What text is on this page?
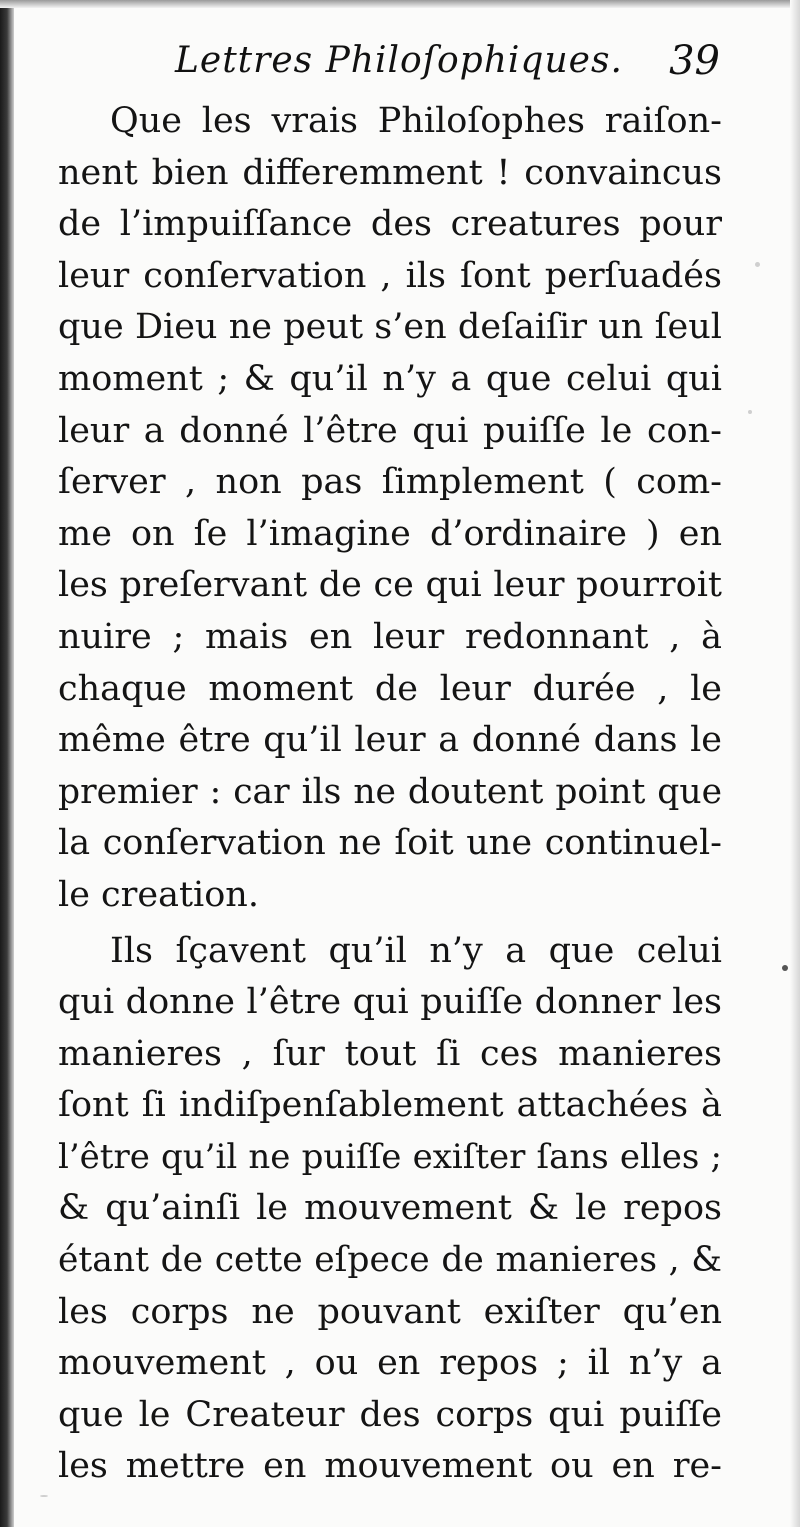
Lettres Philoſophiques. 39
Que les vrais Philoſophes raiſon-
nent bien differemment ! convaincus
de l’impuiſſance des creatures pour
leur conſervation , ils ſont perſuadés
que Dieu ne peut s’en deſaiſir un ſeul
moment ; & qu’il n’y a que celui qui
leur a donné l’être qui puiſſe le con-
ſerver , non pas ſimplement ( com-
me on ſe l’imagine d’ordinaire ) en
les preſervant de ce qui leur pourroit
nuire ; mais en leur redonnant , à
chaque moment de leur durée , le
même être qu’il leur a donné dans le
premier : car ils ne doutent point que
la conſervation ne ſoit une continuel-
le creation.
Ils ſçavent qu’il n’y a que celui
qui donne l’être qui puiſſe donner les
manieres , ſur tout ſi ces manieres
ſont ſi indiſpenſablement attachées à
l’être qu’il ne puiſſe exiſter ſans elles ;
& qu’ainſi le mouvement & le repos
étant de cette eſpece de manieres , &
les corps ne pouvant exiſter qu’en
mouvement , ou en repos ; il n’y a
que le Createur des corps qui puiſſe
les mettre en mouvement ou en re-
